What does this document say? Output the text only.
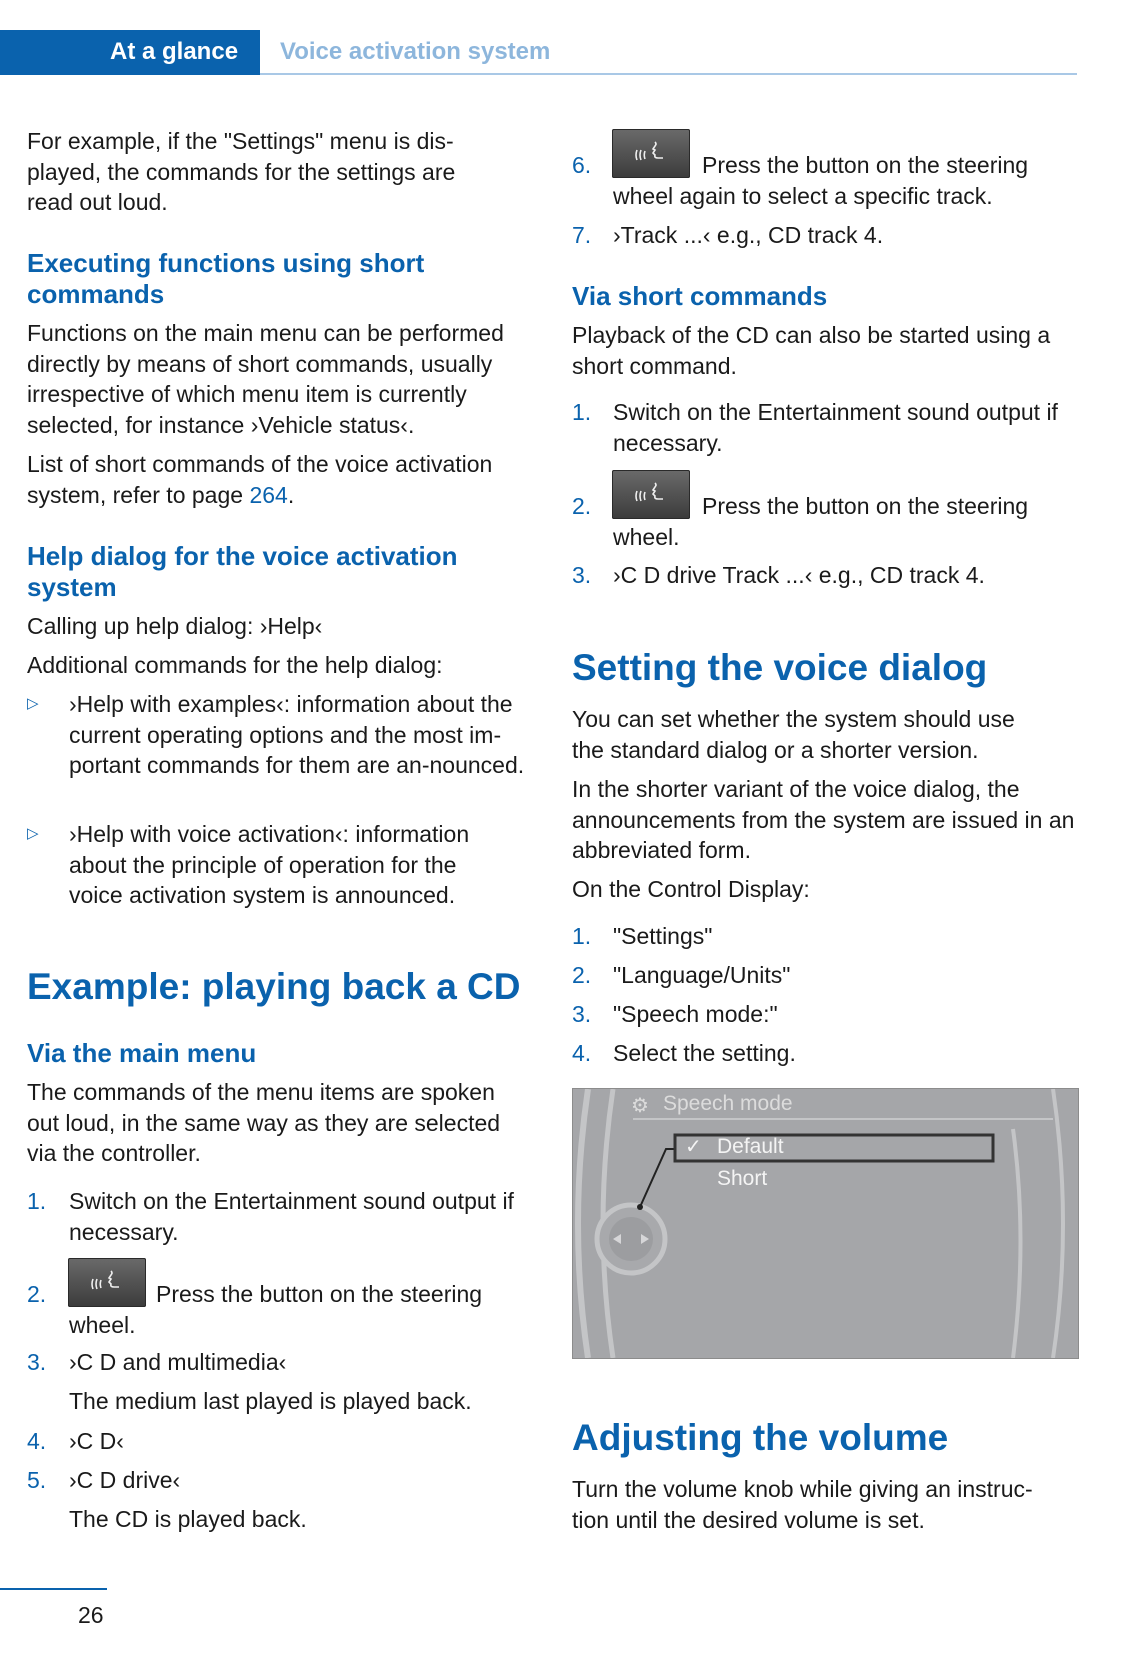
At a glance Voice activation system

For example, if the "Settings" menu is dis-played, the commands for the settings are read out loud.

Executing functions using short commands

Functions on the main menu can be performed directly by means of short commands, usually irrespective of which menu item is currently selected, for instance ›Vehicle status‹.

List of short commands of the voice activation system, refer to page 264.

Help dialog for the voice activation system

Calling up help dialog: ›Help‹

Additional commands for the help dialog:

▷ ›Help with examples‹: information about the current operating options and the most im-portant commands for them are an-nounced.

▷ ›Help with voice activation‹: information about the principle of operation for the voice activation system is announced.

Example: playing back a CD
Via the main menu

The commands of the menu items are spoken out loud, in the same way as they are selected via the controller.

1. Switch on the Entertainment sound output if necessary.

2.	Press the button on the steering

wheel.

3. ›C D and multimedia‹

The medium last played is played back.

4. ›C D‹

5. ›C D drive‹

The CD is played back.

6.	Press the button on the steering

wheel again to select a specific track.

7. ›Track ...‹ e.g., CD track 4.

Via short commands

Playback of the CD can also be started using a short command.

1. Switch on the Entertainment sound output if necessary.

2.	Press the button on the steering

wheel.

3. ›C D drive Track ...‹ e.g., CD track 4.

Setting the voice dialog

You can set whether the system should use the standard dialog or a shorter version.

In the shorter variant of the voice dialog, the announcements from the system are issued in an abbreviated form.

On the Control Display:

1. "Settings"

2. "Language/Units"

3. "Speech mode:"

4. Select the setting.

⚙ Speech mode
✓ Default
Short
Adjusting the volume

Turn the volume knob while giving an instruc-tion until the desired volume is set.

26
